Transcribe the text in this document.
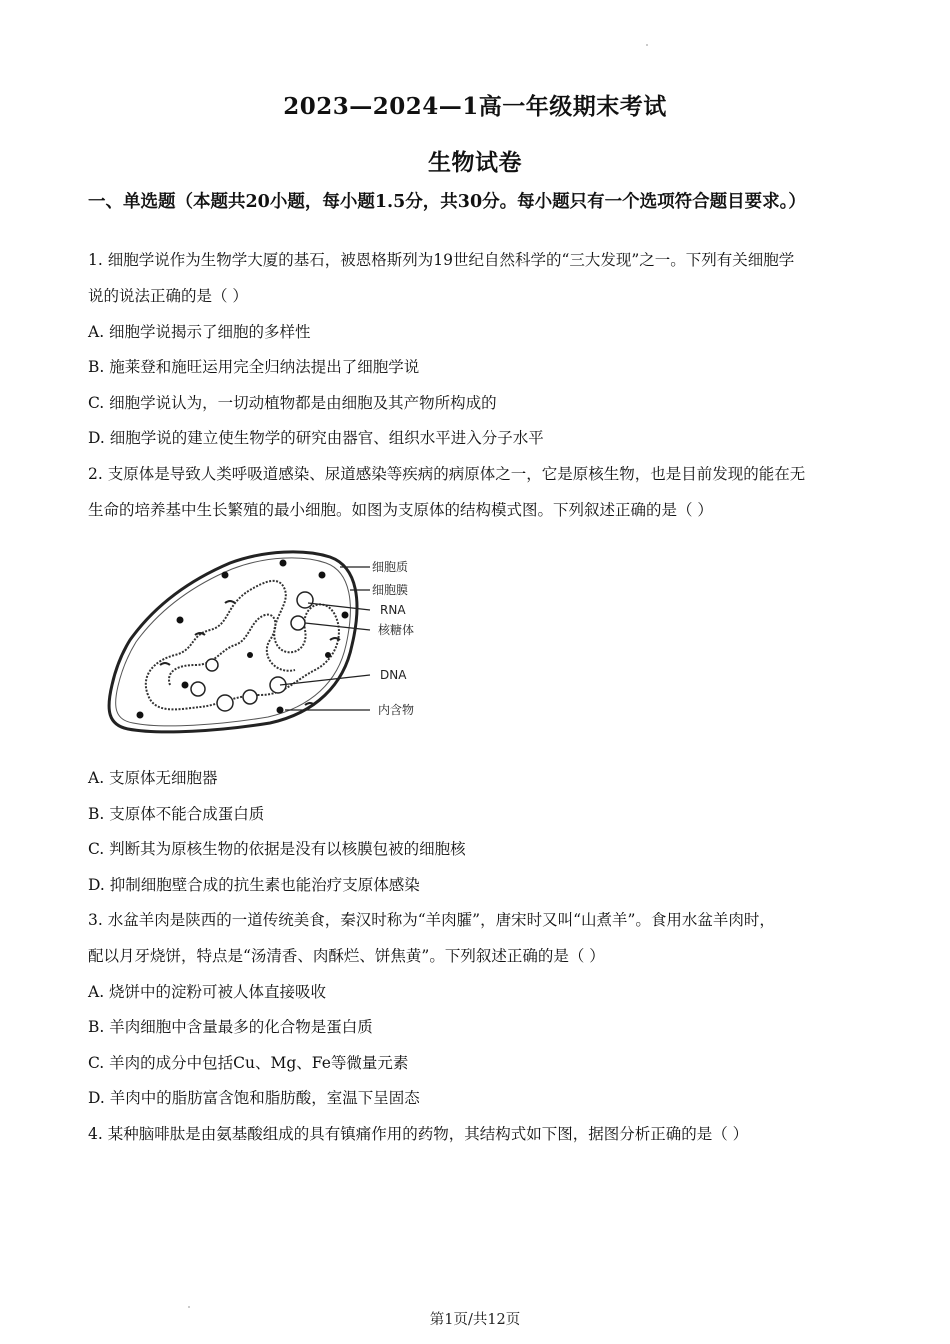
2023—2024—1高一年级期末考试
生物试卷
一、单选题（本题共20小题，每小题1.5分，共30分。每小题只有一个选项符合题目要求。）
1. 细胞学说作为生物学大厦的基石，被恩格斯列为19世纪自然科学的“三大发现”之一。下列有关细胞学
说的说法正确的是（ ）
A. 细胞学说揭示了细胞的多样性
B. 施莱登和施旺运用完全归纳法提出了细胞学说
C. 细胞学说认为，一切动植物都是由细胞及其产物所构成的
D. 细胞学说的建立使生物学的研究由器官、组织水平进入分子水平
2. 支原体是导致人类呼吸道感染、尿道感染等疾病的病原体之一，它是原核生物，也是目前发现的能在无
生命的培养基中生长繁殖的最小细胞。如图为支原体的结构模式图。下列叙述正确的是（ ）
细胞质
细胞膜
RNA
核糖体
DNA
内含物
A. 支原体无细胞器
B. 支原体不能合成蛋白质
C. 判断其为原核生物的依据是没有以核膜包被的细胞核
D. 抑制细胞壁合成的抗生素也能治疗支原体感染
3. 水盆羊肉是陕西的一道传统美食，秦汉时称为“羊肉臛”，唐宋时又叫“山煮羊”。食用水盆羊肉时，
配以月牙烧饼，特点是“汤清香、肉酥烂、饼焦黄”。下列叙述正确的是（ ）
A. 烧饼中的淀粉可被人体直接吸收
B. 羊肉细胞中含量最多的化合物是蛋白质
C. 羊肉的成分中包括Cu、Mg、Fe等微量元素
D. 羊肉中的脂肪富含饱和脂肪酸，室温下呈固态
4. 某种脑啡肽是由氨基酸组成的具有镇痛作用的药物，其结构式如下图，据图分析正确的是（ ）
第1页/共12页
